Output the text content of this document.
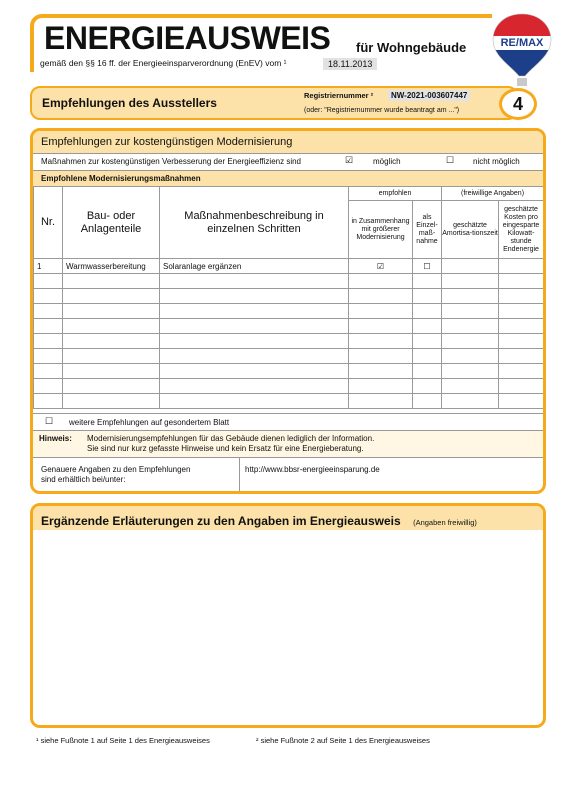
ENERGIEAUSWEIS für Wohngebäude
gemäß den §§ 16 ff. der Energieeinsparverordnung (EnEV) vom ¹	18.11.2013
RE/MAX
Empfehlungen des Ausstellers
Registriernummer ²	NW-2021-003607447
(oder: "Registriernummer wurde beantragt am ...")	4
Empfehlungen zur kostengünstigen Modernisierung
Maßnahmen zur kostengünstigen Verbesserung der Energieeffizienz sind	☑ möglich	☐ nicht möglich
Empfohlene Modernisierungsmaßnahmen
Nr.	Bau- oder Anlagenteile	Maßnahmenbeschreibung in einzelnen Schritten	empfohlen		(freiwillige Angaben)	
			in Zusammenhang mit größerer Modernisierung	als Einzel-maß-nahme	geschätzte Amortisa-tionszeit	geschätzte Kosten pro eingesparte Kilowatt-stunde Endenergie
1	Warmwasserbereitung	Solaranlage ergänzen	☑	☐		

☐ weitere Empfehlungen auf gesondertem Blatt
Hinweis: Modernisierungsempfehlungen für das Gebäude dienen lediglich der Information.
Sie sind nur kurz gefasste Hinweise und kein Ersatz für eine Energieberatung.
Genauere Angaben zu den Empfehlungen
sind erhältlich bei/unter:
http://www.bbsr-energieeinsparung.de
Ergänzende Erläuterungen zu den Angaben im Energieausweis (Angaben freiwillig)
¹ siehe Fußnote 1 auf Seite 1 des Energieausweises	² siehe Fußnote 2 auf Seite 1 des Energieausweises
